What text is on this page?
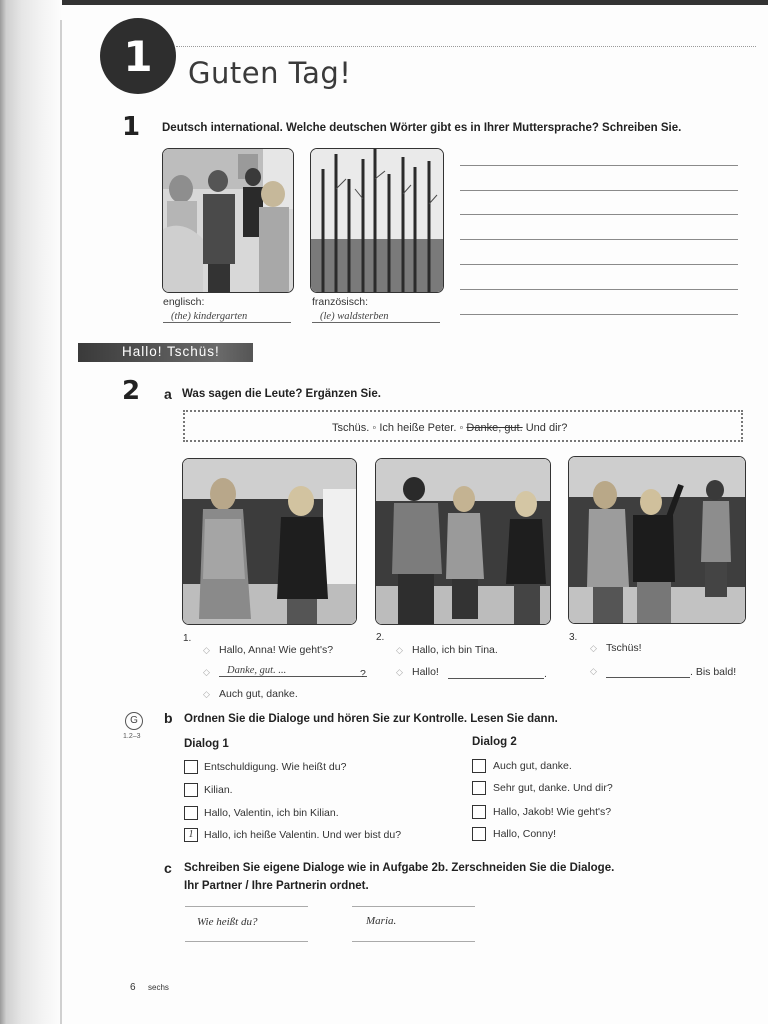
1	Guten Tag!
1 Deutsch international. Welche deutschen Wörter gibt es in Ihrer Muttersprache? Schreiben Sie.
englisch:
(the) kindergarten
französisch:
(le) waldsterben
Hallo! Tschüs!
2 a Was sagen die Leute? Ergänzen Sie.
Tschüs. ◦ Ich heiße Peter. ◦ Danke, gut. Und dir?
1.
◇ Hallo, Anna! Wie geht's?
◇	Danke, gut. ...	?
◇ Auch gut, danke.
2.
◇ Hallo, ich bin Tina.
◇ Hallo!	.
3.
◇ Tschüs!
◇	. Bis bald!
G
1.2–3
b Ordnen Sie die Dialoge und hören Sie zur Kontrolle. Lesen Sie dann.
Dialog 1	Dialog 2
Entschuldigung. Wie heißt du?
Kilian.
Hallo, Valentin, ich bin Kilian.
1	Hallo, ich heiße Valentin. Und wer bist du?
Auch gut, danke.
Sehr gut, danke. Und dir?
Hallo, Jakob! Wie geht's?
Hallo, Conny!
c Schreiben Sie eigene Dialoge wie in Aufgabe 2b. Zerschneiden Sie die Dialoge.
Ihr Partner / Ihre Partnerin ordnet.
Wie heißt du?	Maria.
6 sechs
